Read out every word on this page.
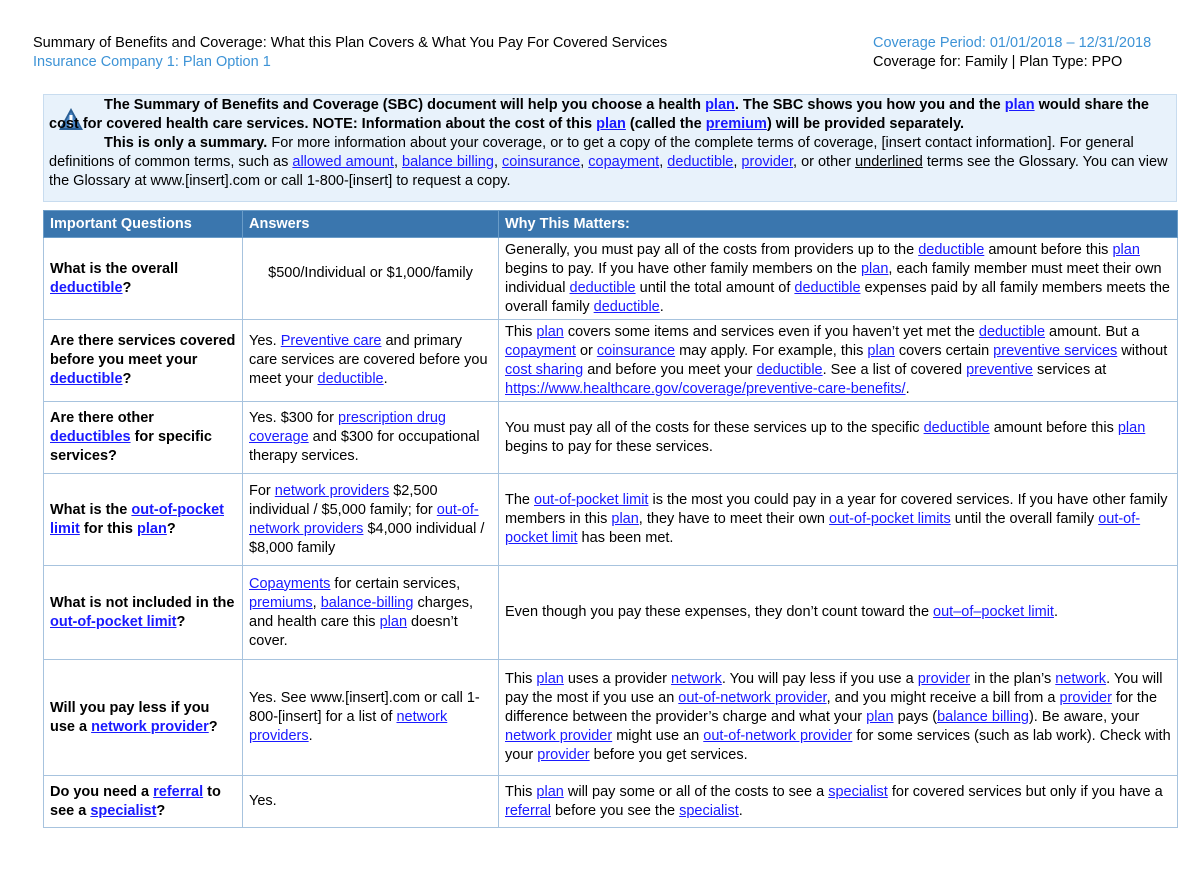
Summary of Benefits and Coverage: What this Plan Covers & What You Pay For Covered Services
Insurance Company 1: Plan Option 1
Coverage Period: 01/01/2018 – 12/31/2018
Coverage for: Family | Plan Type: PPO
The Summary of Benefits and Coverage (SBC) document will help you choose a health plan. The SBC shows you how you and the plan would share the cost for covered health care services. NOTE: Information about the cost of this plan (called the premium) will be provided separately.
This is only a summary. For more information about your coverage, or to get a copy of the complete terms of coverage, [insert contact information]. For general definitions of common terms, such as allowed amount, balance billing, coinsurance, copayment, deductible, provider, or other underlined terms see the Glossary. You can view the Glossary at www.[insert].com or call 1-800-[insert] to request a copy.
Important Questions	Answers	Why This Matters:
What is the overall deductible?	$500/Individual or $1,000/family	Generally, you must pay all of the costs from providers up to the deductible amount before this plan begins to pay. If you have other family members on the plan, each family member must meet their own individual deductible until the total amount of deductible expenses paid by all family members meets the overall family deductible.
Are there services covered before you meet your deductible?	Yes. Preventive care and primary care services are covered before you meet your deductible.	This plan covers some items and services even if you haven’t yet met the deductible amount. But a copayment or coinsurance may apply. For example, this plan covers certain preventive services without cost sharing and before you meet your deductible. See a list of covered preventive services at https://www.healthcare.gov/coverage/preventive-care-benefits/.
Are there other deductibles for specific services?	Yes. $300 for prescription drug coverage and $300 for occupational therapy services.	You must pay all of the costs for these services up to the specific deductible amount before this plan begins to pay for these services.
What is the out-of-pocket limit for this plan?	For network providers $2,500 individual / $5,000 family; for out-of-network providers $4,000 individual / $8,000 family	The out-of-pocket limit is the most you could pay in a year for covered services. If you have other family members in this plan, they have to meet their own out-of-pocket limits until the overall family out-of-pocket limit has been met.
What is not included in the out-of-pocket limit?	Copayments for certain services, premiums, balance-billing charges, and health care this plan doesn’t cover.	Even though you pay these expenses, they don’t count toward the out–of–pocket limit.
Will you pay less if you use a network provider?	Yes. See www.[insert].com or call 1-800-[insert] for a list of network providers.	This plan uses a provider network. You will pay less if you use a provider in the plan’s network. You will pay the most if you use an out-of-network provider, and you might receive a bill from a provider for the difference between the provider’s charge and what your plan pays (balance billing). Be aware, your network provider might use an out-of-network provider for some services (such as lab work). Check with your provider before you get services.
Do you need a referral to see a specialist?	Yes.	This plan will pay some or all of the costs to see a specialist for covered services but only if you have a referral before you see the specialist.
